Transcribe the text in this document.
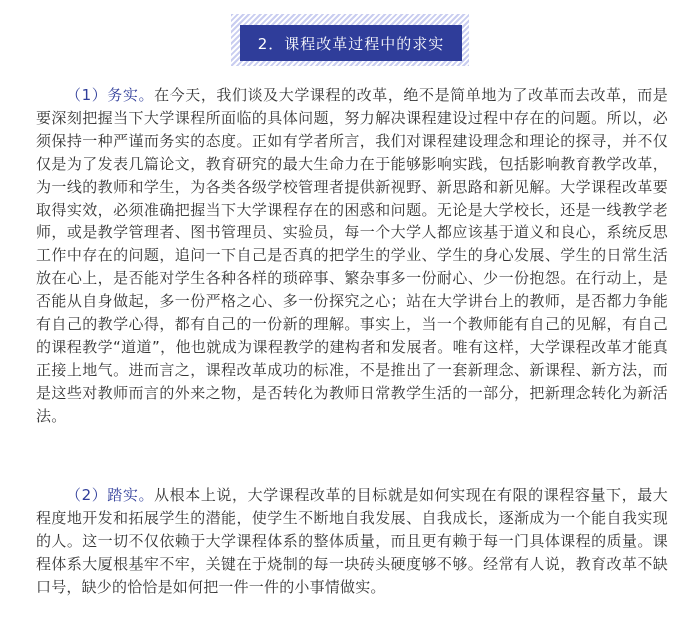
2．课程改革过程中的求实

（1）务实。在今天，我们谈及大学课程的改革，绝不是简单地为了改革而去改革，而是要深刻把握当下大学课程所面临的具体问题，努力解决课程建设过程中存在的问题。所以，必须保持一种严谨而务实的态度。正如有学者所言，我们对课程建设理念和理论的探寻，并不仅仅是为了发表几篇论文，教育研究的最大生命力在于能够影响实践，包括影响教育教学改革，为一线的教师和学生，为各类各级学校管理者提供新视野、新思路和新见解。大学课程改革要取得实效，必须准确把握当下大学课程存在的困惑和问题。无论是大学校长，还是一线教学老师，或是教学管理者、图书管理员、实验员，每一个大学人都应该基于道义和良心，系统反思工作中存在的问题，追问一下自己是否真的把学生的学业、学生的身心发展、学生的日常生活放在心上，是否能对学生各种各样的琐碎事、繁杂事多一份耐心、少一份抱怨。在行动上，是否能从自身做起，多一份严格之心、多一份探究之心；站在大学讲台上的教师，是否都力争能有自己的教学心得，都有自己的一份新的理解。事实上，当一个教师能有自己的见解，有自己的课程教学“道道”，他也就成为课程教学的建构者和发展者。唯有这样，大学课程改革才能真正接上地气。进而言之，课程改革成功的标准，不是推出了一套新理念、新课程、新方法，而是这些对教师而言的外来之物，是否转化为教师日常教学生活的一部分，把新理念转化为新活法。

（2）踏实。从根本上说，大学课程改革的目标就是如何实现在有限的课程容量下，最大程度地开发和拓展学生的潜能，使学生不断地自我发展、自我成长，逐渐成为一个能自我实现的人。这一切不仅依赖于大学课程体系的整体质量，而且更有赖于每一门具体课程的质量。课程体系大厦根基牢不牢，关键在于烧制的每一块砖头硬度够不够。经常有人说，教育改革不缺口号，缺少的恰恰是如何把一件一件的小事情做实。
